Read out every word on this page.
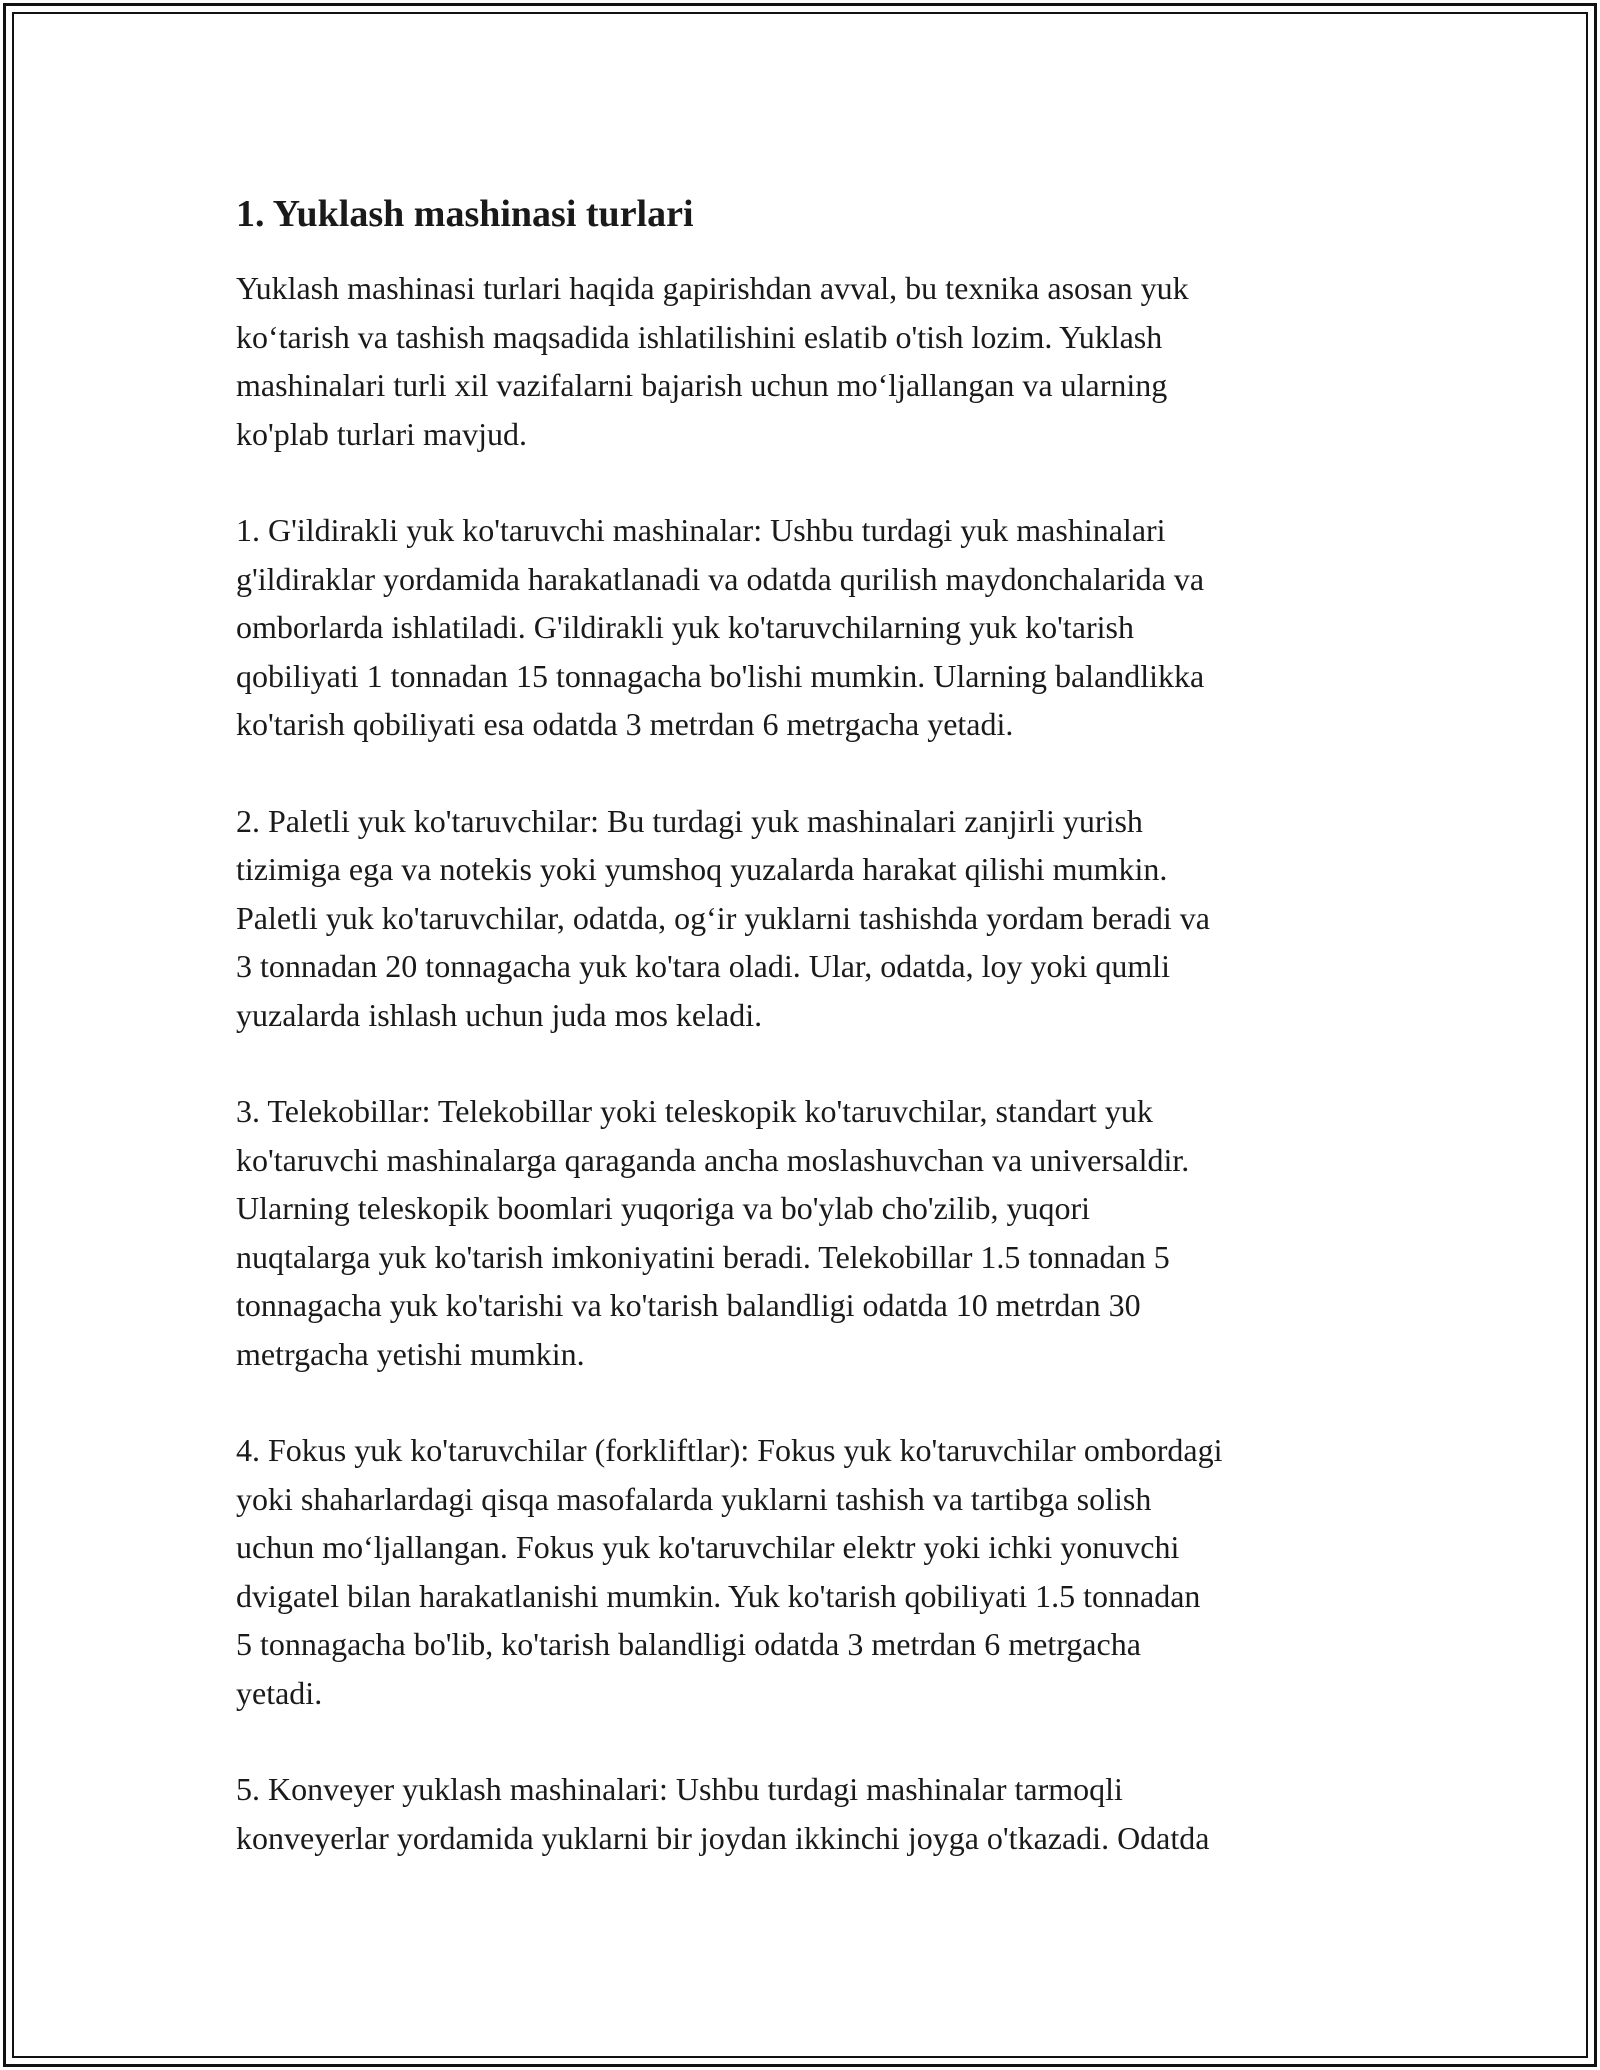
1. Yuklash mashinasi turlari

Yuklash mashinasi turlari haqida gapirishdan avval, bu texnika asosan yuk
ko‘tarish va tashish maqsadida ishlatilishini eslatib o'tish lozim. Yuklash
mashinalari turli xil vazifalarni bajarish uchun mo‘ljallangan va ularning
ko'plab turlari mavjud.

1. G'ildirakli yuk ko'taruvchi mashinalar: Ushbu turdagi yuk mashinalari
g'ildiraklar yordamida harakatlanadi va odatda qurilish maydonchalarida va
omborlarda ishlatiladi. G'ildirakli yuk ko'taruvchilarning yuk ko'tarish
qobiliyati 1 tonnadan 15 tonnagacha bo'lishi mumkin. Ularning balandlikka
ko'tarish qobiliyati esa odatda 3 metrdan 6 metrgacha yetadi.

2. Paletli yuk ko'taruvchilar: Bu turdagi yuk mashinalari zanjirli yurish
tizimiga ega va notekis yoki yumshoq yuzalarda harakat qilishi mumkin.
Paletli yuk ko'taruvchilar, odatda, og‘ir yuklarni tashishda yordam beradi va
3 tonnadan 20 tonnagacha yuk ko'tara oladi. Ular, odatda, loy yoki qumli
yuzalarda ishlash uchun juda mos keladi.

3. Telekobillar: Telekobillar yoki teleskopik ko'taruvchilar, standart yuk
ko'taruvchi mashinalarga qaraganda ancha moslashuvchan va universaldir.
Ularning teleskopik boomlari yuqoriga va bo'ylab cho'zilib, yuqori
nuqtalarga yuk ko'tarish imkoniyatini beradi. Telekobillar 1.5 tonnadan 5
tonnagacha yuk ko'tarishi va ko'tarish balandligi odatda 10 metrdan 30
metrgacha yetishi mumkin.

4. Fokus yuk ko'taruvchilar (forkliftlar): Fokus yuk ko'taruvchilar ombordagi
yoki shaharlardagi qisqa masofalarda yuklarni tashish va tartibga solish
uchun mo‘ljallangan. Fokus yuk ko'taruvchilar elektr yoki ichki yonuvchi
dvigatel bilan harakatlanishi mumkin. Yuk ko'tarish qobiliyati 1.5 tonnadan
5 tonnagacha bo'lib, ko'tarish balandligi odatda 3 metrdan 6 metrgacha
yetadi.

5. Konveyer yuklash mashinalari: Ushbu turdagi mashinalar tarmoqli
konveyerlar yordamida yuklarni bir joydan ikkinchi joyga o'tkazadi. Odatda
